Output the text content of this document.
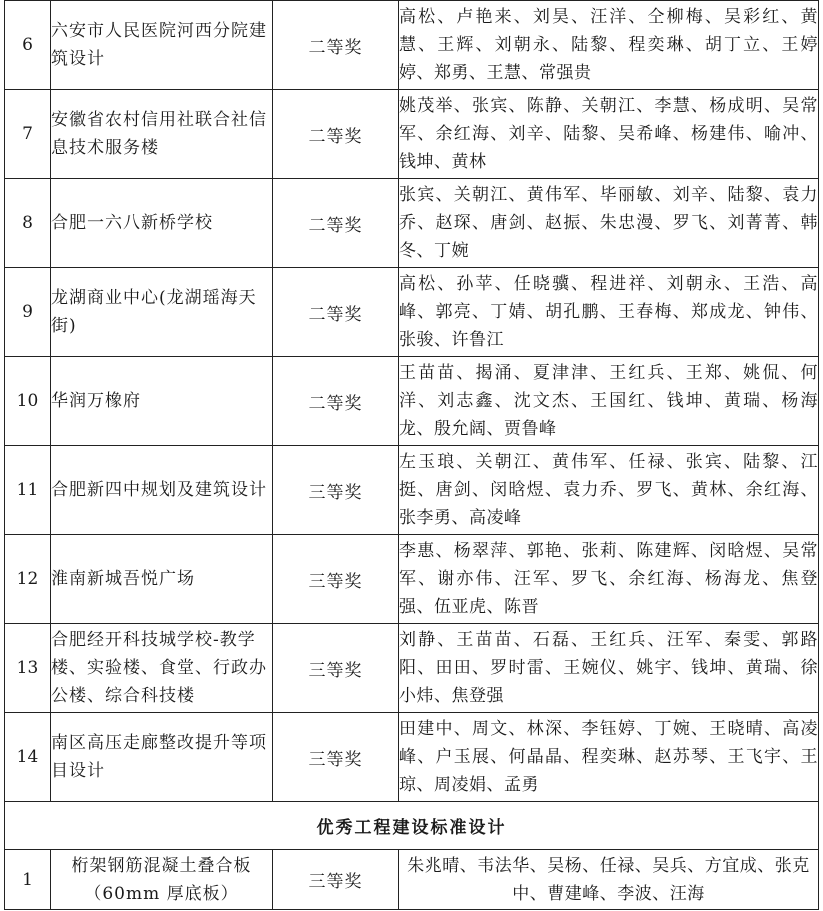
6	六安市人民医院河西分院建筑设计	二等奖	高松、卢艳来、刘昊、汪洋、仝柳梅、吴彩红、黄慧、王辉、刘朝永、陆黎、程奕琳、胡丁立、王婷婷、郑勇、王慧、常强贵
7	安徽省农村信用社联合社信息技术服务楼	二等奖	姚茂举、张宾、陈静、关朝江、李慧、杨成明、吴常军、余红海、刘辛、陆黎、吴希峰、杨建伟、喻冲、钱坤、黄林
8	合肥一六八新桥学校	二等奖	张宾、关朝江、黄伟军、毕丽敏、刘辛、陆黎、袁力乔、赵琛、唐剑、赵振、朱忠漫、罗飞、刘菁菁、韩冬、丁婉
9	龙湖商业中心(龙湖瑶海天街)	二等奖	高松、孙苹、任晓骥、程进祥、刘朝永、王浩、高峰、郭亮、丁婧、胡孔鹏、王春梅、郑成龙、钟伟、张骏、许鲁江
10	华润万橡府	二等奖	王苗苗、揭涌、夏津津、王红兵、王郑、姚侃、何洋、刘志鑫、沈文杰、王国红、钱坤、黄瑞、杨海龙、殷允阔、贾鲁峰
11	合肥新四中规划及建筑设计	三等奖	左玉琅、关朝江、黄伟军、任禄、张宾、陆黎、江挺、唐剑、闵晗煜、袁力乔、罗飞、黄林、余红海、张李勇、高凌峰
12	淮南新城吾悦广场	三等奖	李惠、杨翠萍、郭艳、张莉、陈建辉、闵晗煜、吴常军、谢亦伟、汪军、罗飞、余红海、杨海龙、焦登强、伍亚虎、陈晋
13	合肥经开科技城学校-教学楼、实验楼、食堂、行政办公楼、综合科技楼	三等奖	刘静、王苗苗、石磊、王红兵、汪军、秦雯、郭路阳、田田、罗时雷、王婉仪、姚宇、钱坤、黄瑞、徐小炜、焦登强
14	南区高压走廊整改提升等项目设计	三等奖	田建中、周文、林深、李钰婷、丁婉、王晓晴、高凌峰、户玉展、何晶晶、程奕琳、赵苏琴、王飞宇、王琼、周凌娟、孟勇
优秀工程建设标准设计			
1	桁架钢筋混凝土叠合板（60mm 厚底板）	三等奖	朱兆晴、韦法华、吴杨、任禄、吴兵、方宜成、张克中、曹建峰、李波、汪海
